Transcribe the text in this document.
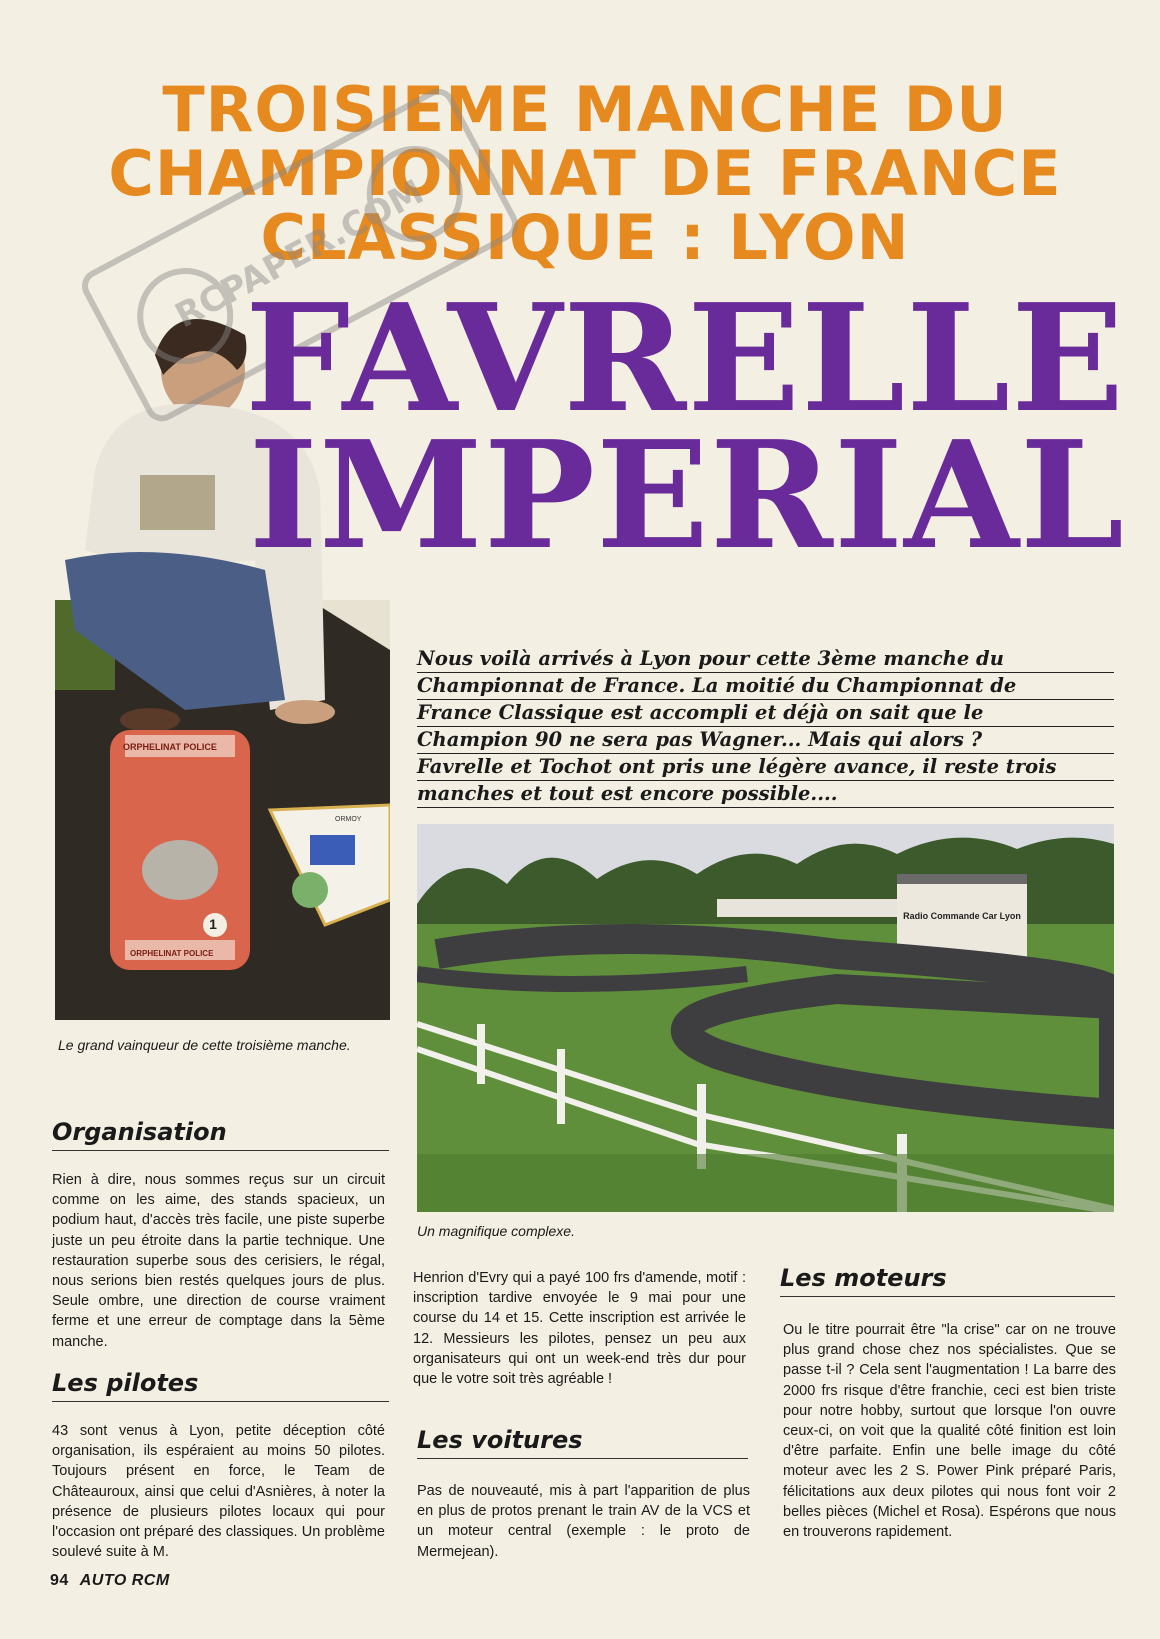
TROISIEME MANCHE DU
CHAMPIONNAT DE FRANCE
CLASSIQUE : LYON
ORPHELINAT POLICE
1
ORPHELINAT POLICE
ORMOY
RCPAPER.COM
FAVRELLE
IMPERIAL
Le grand vainqueur de cette troisième manche.
Nous voilà arrivés à Lyon pour cette 3ème manche du
Championnat de France. La moitié du Championnat de
France Classique est accompli et déjà on sait que le
Champion 90 ne sera pas Wagner... Mais qui alors ?
Favrelle et Tochot ont pris une légère avance, il reste trois
manches et tout est encore possible....
Radio Commande Car Lyon
Un magnifique complexe.
Organisation
Rien à dire, nous sommes reçus sur un circuit comme on les aime, des stands spacieux, un podium haut, d'accès très facile, une piste superbe juste un peu étroite dans la partie technique. Une restauration superbe sous des cerisiers, le régal, nous serions bien restés quelques jours de plus. Seule ombre, une direction de course vraiment ferme et une erreur de comptage dans la 5ème manche.
Les pilotes
43 sont venus à Lyon, petite déception côté organisation, ils espéraient au moins 50 pilotes. Toujours présent en force, le Team de Châteauroux, ainsi que celui d'Asnières, à noter la présence de plusieurs pilotes locaux qui pour l'occasion ont préparé des classiques. Un problème soulevé suite à M.
Henrion d'Evry qui a payé 100 frs d'amende, motif : inscription tardive envoyée le 9 mai pour une course du 14 et 15. Cette inscription est arrivée le 12. Messieurs les pilotes, pensez un peu aux organisateurs qui ont un week-end très dur pour que le votre soit très agréable !
Les voitures
Pas de nouveauté, mis à part l'apparition de plus en plus de protos prenant le train AV de la VCS et un moteur central (exemple : le proto de Mermejean).
Les moteurs
Ou le titre pourrait être "la crise" car on ne trouve plus grand chose chez nos spécialistes. Que se passe t-il ? Cela sent l'augmentation ! La barre des 2000 frs risque d'être franchie, ceci est bien triste pour notre hobby, surtout que lorsque l'on ouvre ceux-ci, on voit que la qualité côté finition est loin d'être parfaite. Enfin une belle image du côté moteur avec les 2 S. Power Pink préparé Paris, félicitations aux deux pilotes qui nous font voir 2 belles pièces (Michel et Rosa). Espérons que nous en trouverons rapidement.
94 AUTO RCM
